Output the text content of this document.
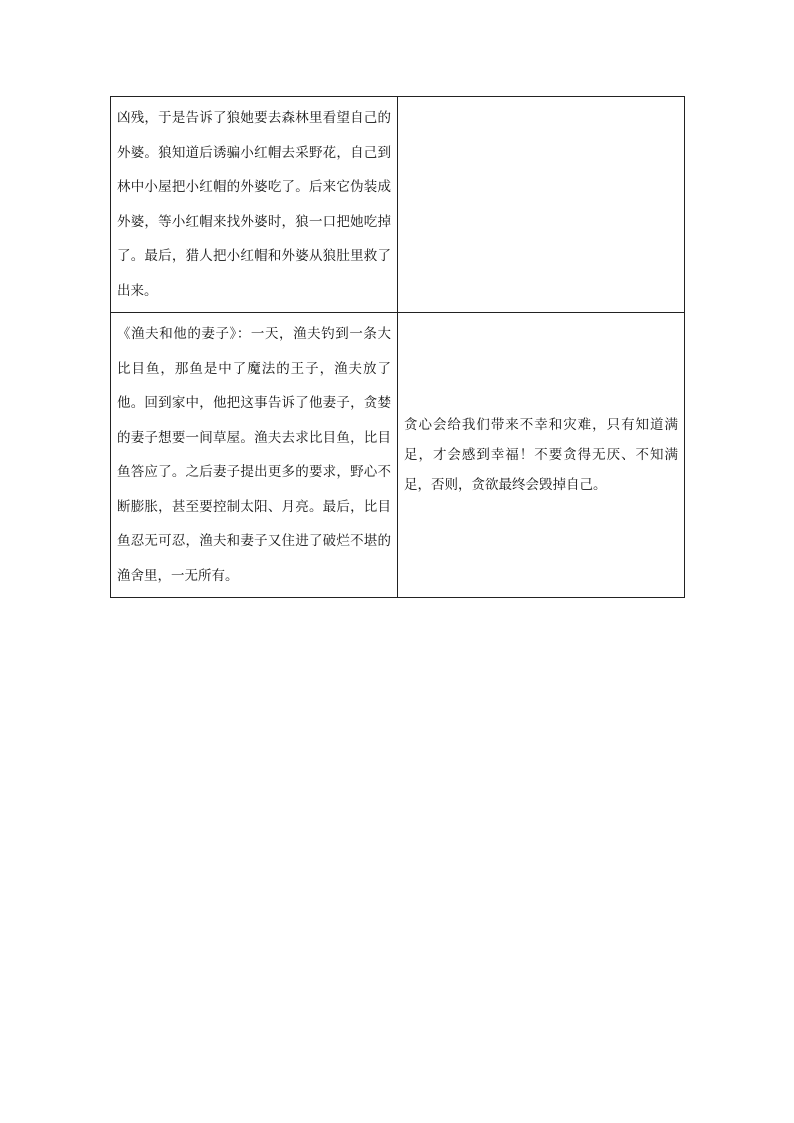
凶残，于是告诉了狼她要去森林里看望自己的外婆。狼知道后诱骗小红帽去采野花，自己到林中小屋把小红帽的外婆吃了。后来它伪装成外婆，等小红帽来找外婆时，狼一口把她吃掉了。最后，猎人把小红帽和外婆从狼肚里救了出来。	

《渔夫和他的妻子》：一天，渔夫钓到一条大比目鱼，那鱼是中了魔法的王子，渔夫放了他。回到家中，他把这事告诉了他妻子，贪婪的妻子想要一间草屋。渔夫去求比目鱼，比目鱼答应了。之后妻子提出更多的要求，野心不断膨胀，甚至要控制太阳、月亮。最后，比目鱼忍无可忍，渔夫和妻子又住进了破烂不堪的渔舍里，一无所有。	贪心会给我们带来不幸和灾难，只有知道满足，才会感到幸福！不要贪得无厌、不知满足，否则，贪欲最终会毁掉自己。
